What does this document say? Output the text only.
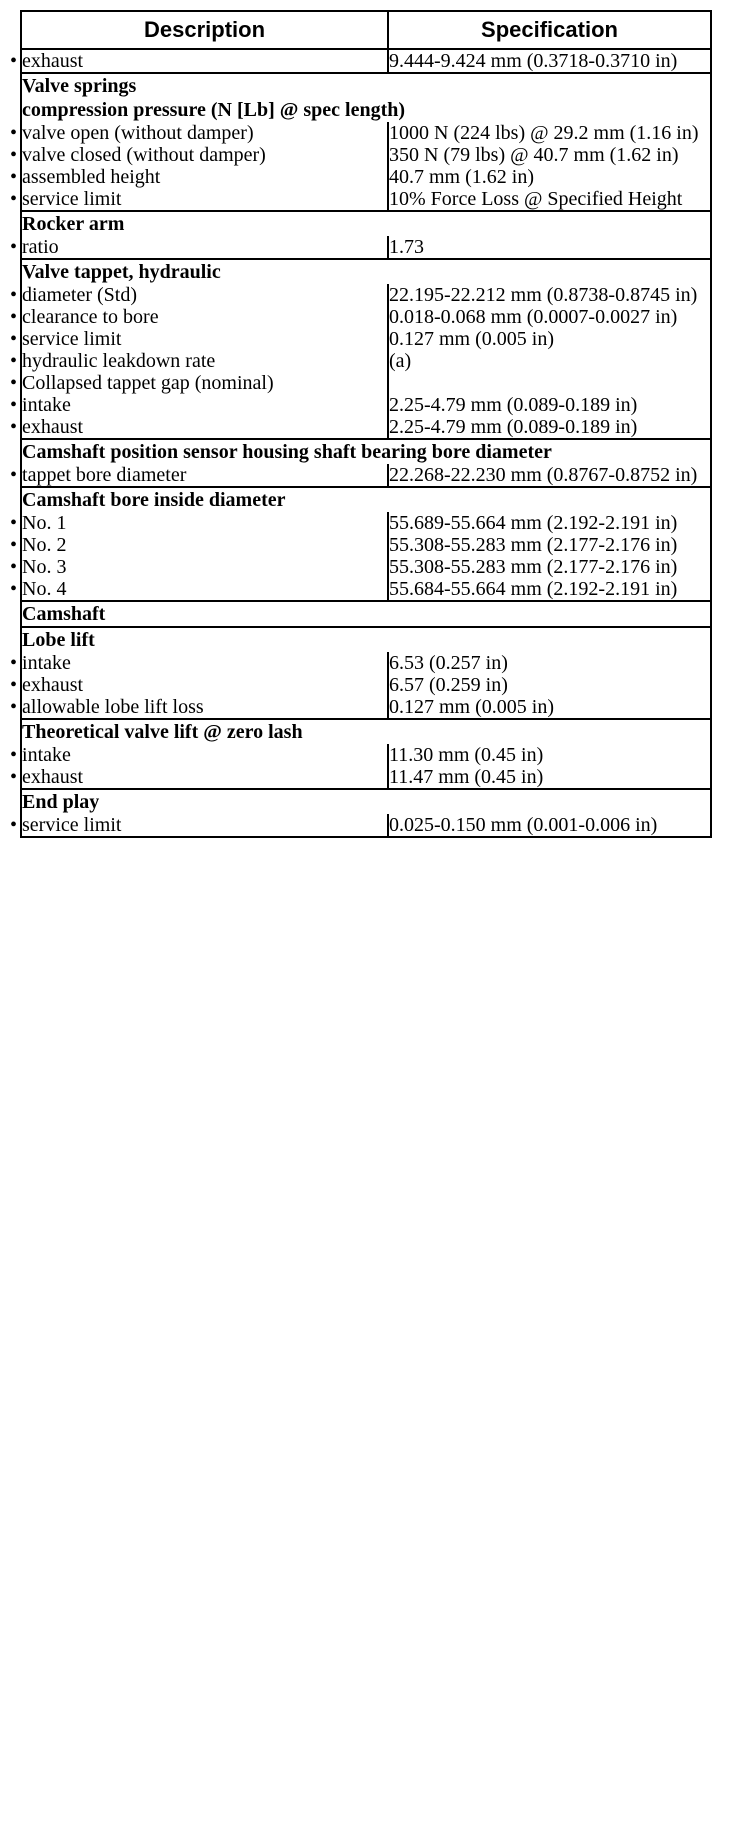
Description	Specification
• exhaust	9.444-9.424 mm (0.3718-0.3710 in)
Valve springs	
compression pressure (N [Lb] @ spec length)	
• valve open (without damper)	1000 N (224 lbs) @ 29.2 mm (1.16 in)
• valve closed (without damper)	350 N (79 lbs) @ 40.7 mm (1.62 in)
• assembled height	40.7 mm (1.62 in)
• service limit	10% Force Loss @ Specified Height
Rocker arm	
• ratio	1.73
Valve tappet, hydraulic	
• diameter (Std)	22.195-22.212 mm (0.8738-0.8745 in)
• clearance to bore	0.018-0.068 mm (0.0007-0.0027 in)
• service limit	0.127 mm (0.005 in)
• hydraulic leakdown rate	(a)
• Collapsed tappet gap (nominal)	
• intake	2.25-4.79 mm (0.089-0.189 in)
• exhaust	2.25-4.79 mm (0.089-0.189 in)
Camshaft position sensor housing shaft bearing bore diameter	
• tappet bore diameter	22.268-22.230 mm (0.8767-0.8752 in)
Camshaft bore inside diameter	
• No. 1	55.689-55.664 mm (2.192-2.191 in)
• No. 2	55.308-55.283 mm (2.177-2.176 in)
• No. 3	55.308-55.283 mm (2.177-2.176 in)
• No. 4	55.684-55.664 mm (2.192-2.191 in)
Camshaft	
Lobe lift	
• intake	6.53 (0.257 in)
• exhaust	6.57 (0.259 in)
• allowable lobe lift loss	0.127 mm (0.005 in)
Theoretical valve lift @ zero lash	
• intake	11.30 mm (0.45 in)
• exhaust	11.47 mm (0.45 in)
End play	
• service limit	0.025-0.150 mm (0.001-0.006 in)
